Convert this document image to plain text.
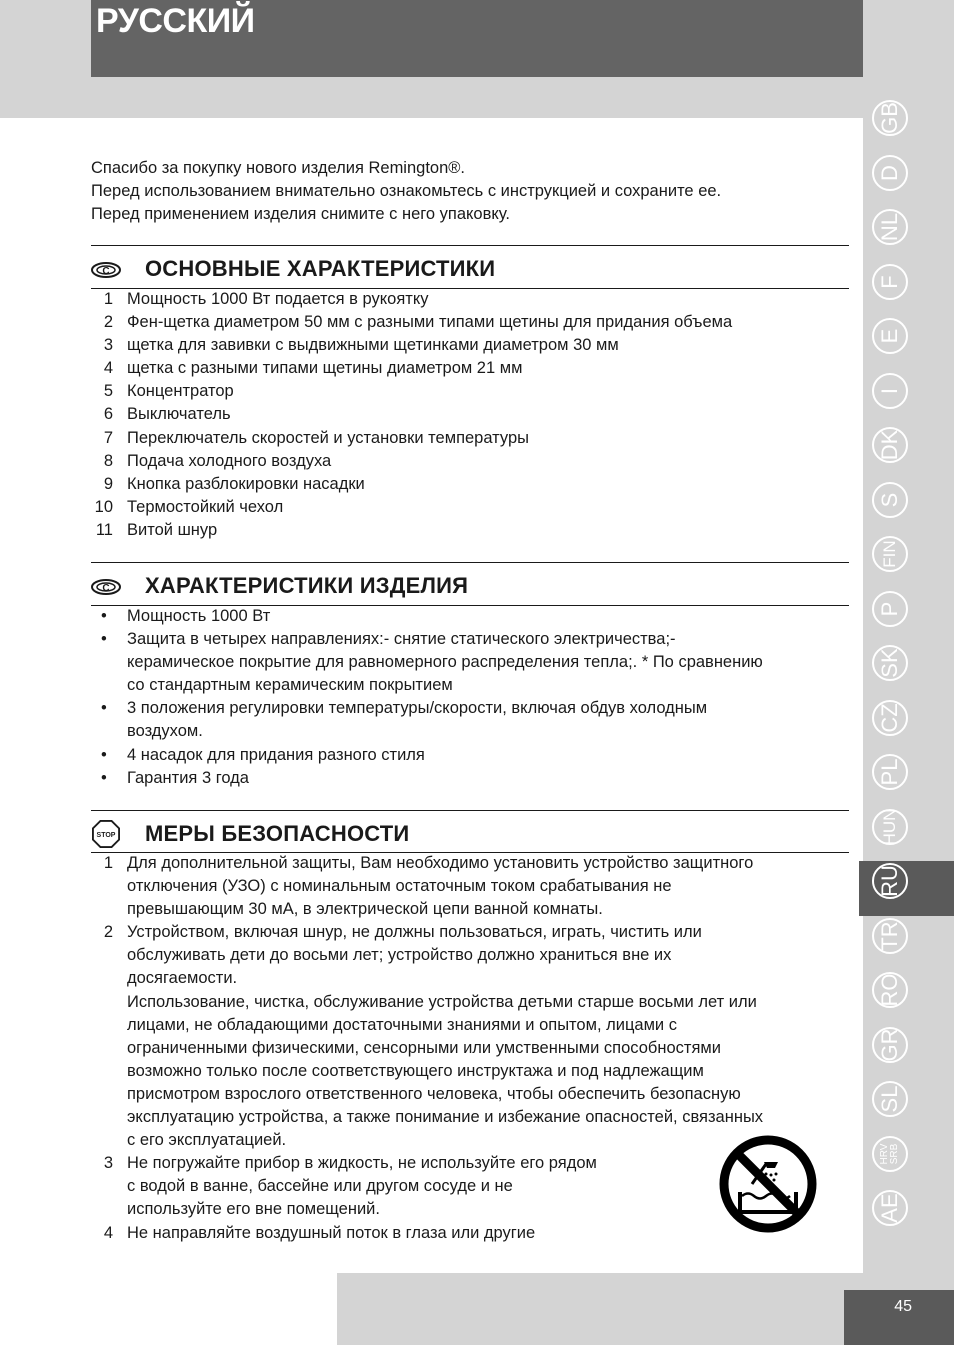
РУССКИЙ

Спасибо за покупку нового изделия Remington®.

Перед использованием внимательно ознакомьтесь с инструкцией и сохраните ее.

Перед применением изделия снимите с него упаковку.

C ОСНОВНЫЕ ХАРАКТЕРИСТИКИ
1 Мощность 1000 Вт подается в рукоятку
2 Фен-щетка диаметром 50 мм с разными типами щетины для придания объема
3 щетка для завивки с выдвижными щетинками диаметром 30 мм
4 щетка с разными типами щетины диаметром 21 мм
5 Концентратор
6 Выключатель
7 Переключатель скоростей и установки температуры
8 Подача холодного воздуха
9 Кнопка разблокировки насадки
10 Термостойкий чехол
11 Витой шнур
C ХАРАКТЕРИСТИКИ ИЗДЕЛИЯ
• Мощность 1000 Вт
• Защита в четырех направлениях:- снятие статического электричества;-
керамическое покрытие для равномерного распределения тепла;. * По сравнению
со стандартным керамическим покрытием
• 3 положения регулировки температуры/скорости, включая обдув холодным
воздухом.
• 4 насадок для придания разного стиля
• Гарантия 3 года
STOP МЕРЫ БЕЗОПАСНОСТИ
1 Для дополнительной защиты, Вам необходимо установить устройство защитного
отключения (УЗО) с номинальным остаточным током срабатывания не
превышающим 30 мА, в электрической цепи ванной комнаты.
2 Устройством, включая шнур, не должны пользоваться, играть, чистить или
обслуживать дети до восьми лет; устройство должно храниться вне их
досягаемости.
Использование, чистка, обслуживание устройства детьми старше восьми лет или
лицами, не обладающими достаточными знаниями и опытом, лицами с
ограниченными физическими, сенсорными или умственными способностями
возможно только после соответствующего инструктажа и под надлежащим
присмотром взрослого ответственного человека, чтобы обеспечить безопасную
эксплуатацию устройства, а также понимание и избежание опасностей, связанных
с его эксплуатацией.
3 Не погружайте прибор в жидкость, не используйте его рядом
с водой в ванне, бассейне или другом сосуде и не
используйте его вне помещений.
4 Не направляйте воздушный поток в глаза или другие
GB
D
NL
F
E
I
DK
S
FIN
P
SK
CZ
PL
HUN
RU
TR
RO
GR
SL
HRV SRB
AE
45
